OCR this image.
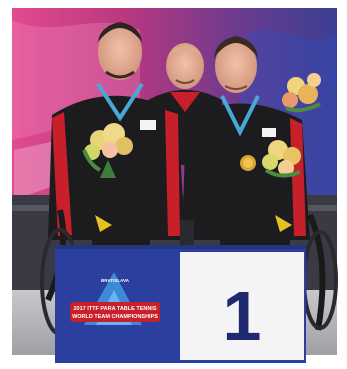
2017 ITTF PARA TABLE TENNIS
WORLD TEAM CHAMPIONSHIPS
BRATISLAVA 1
